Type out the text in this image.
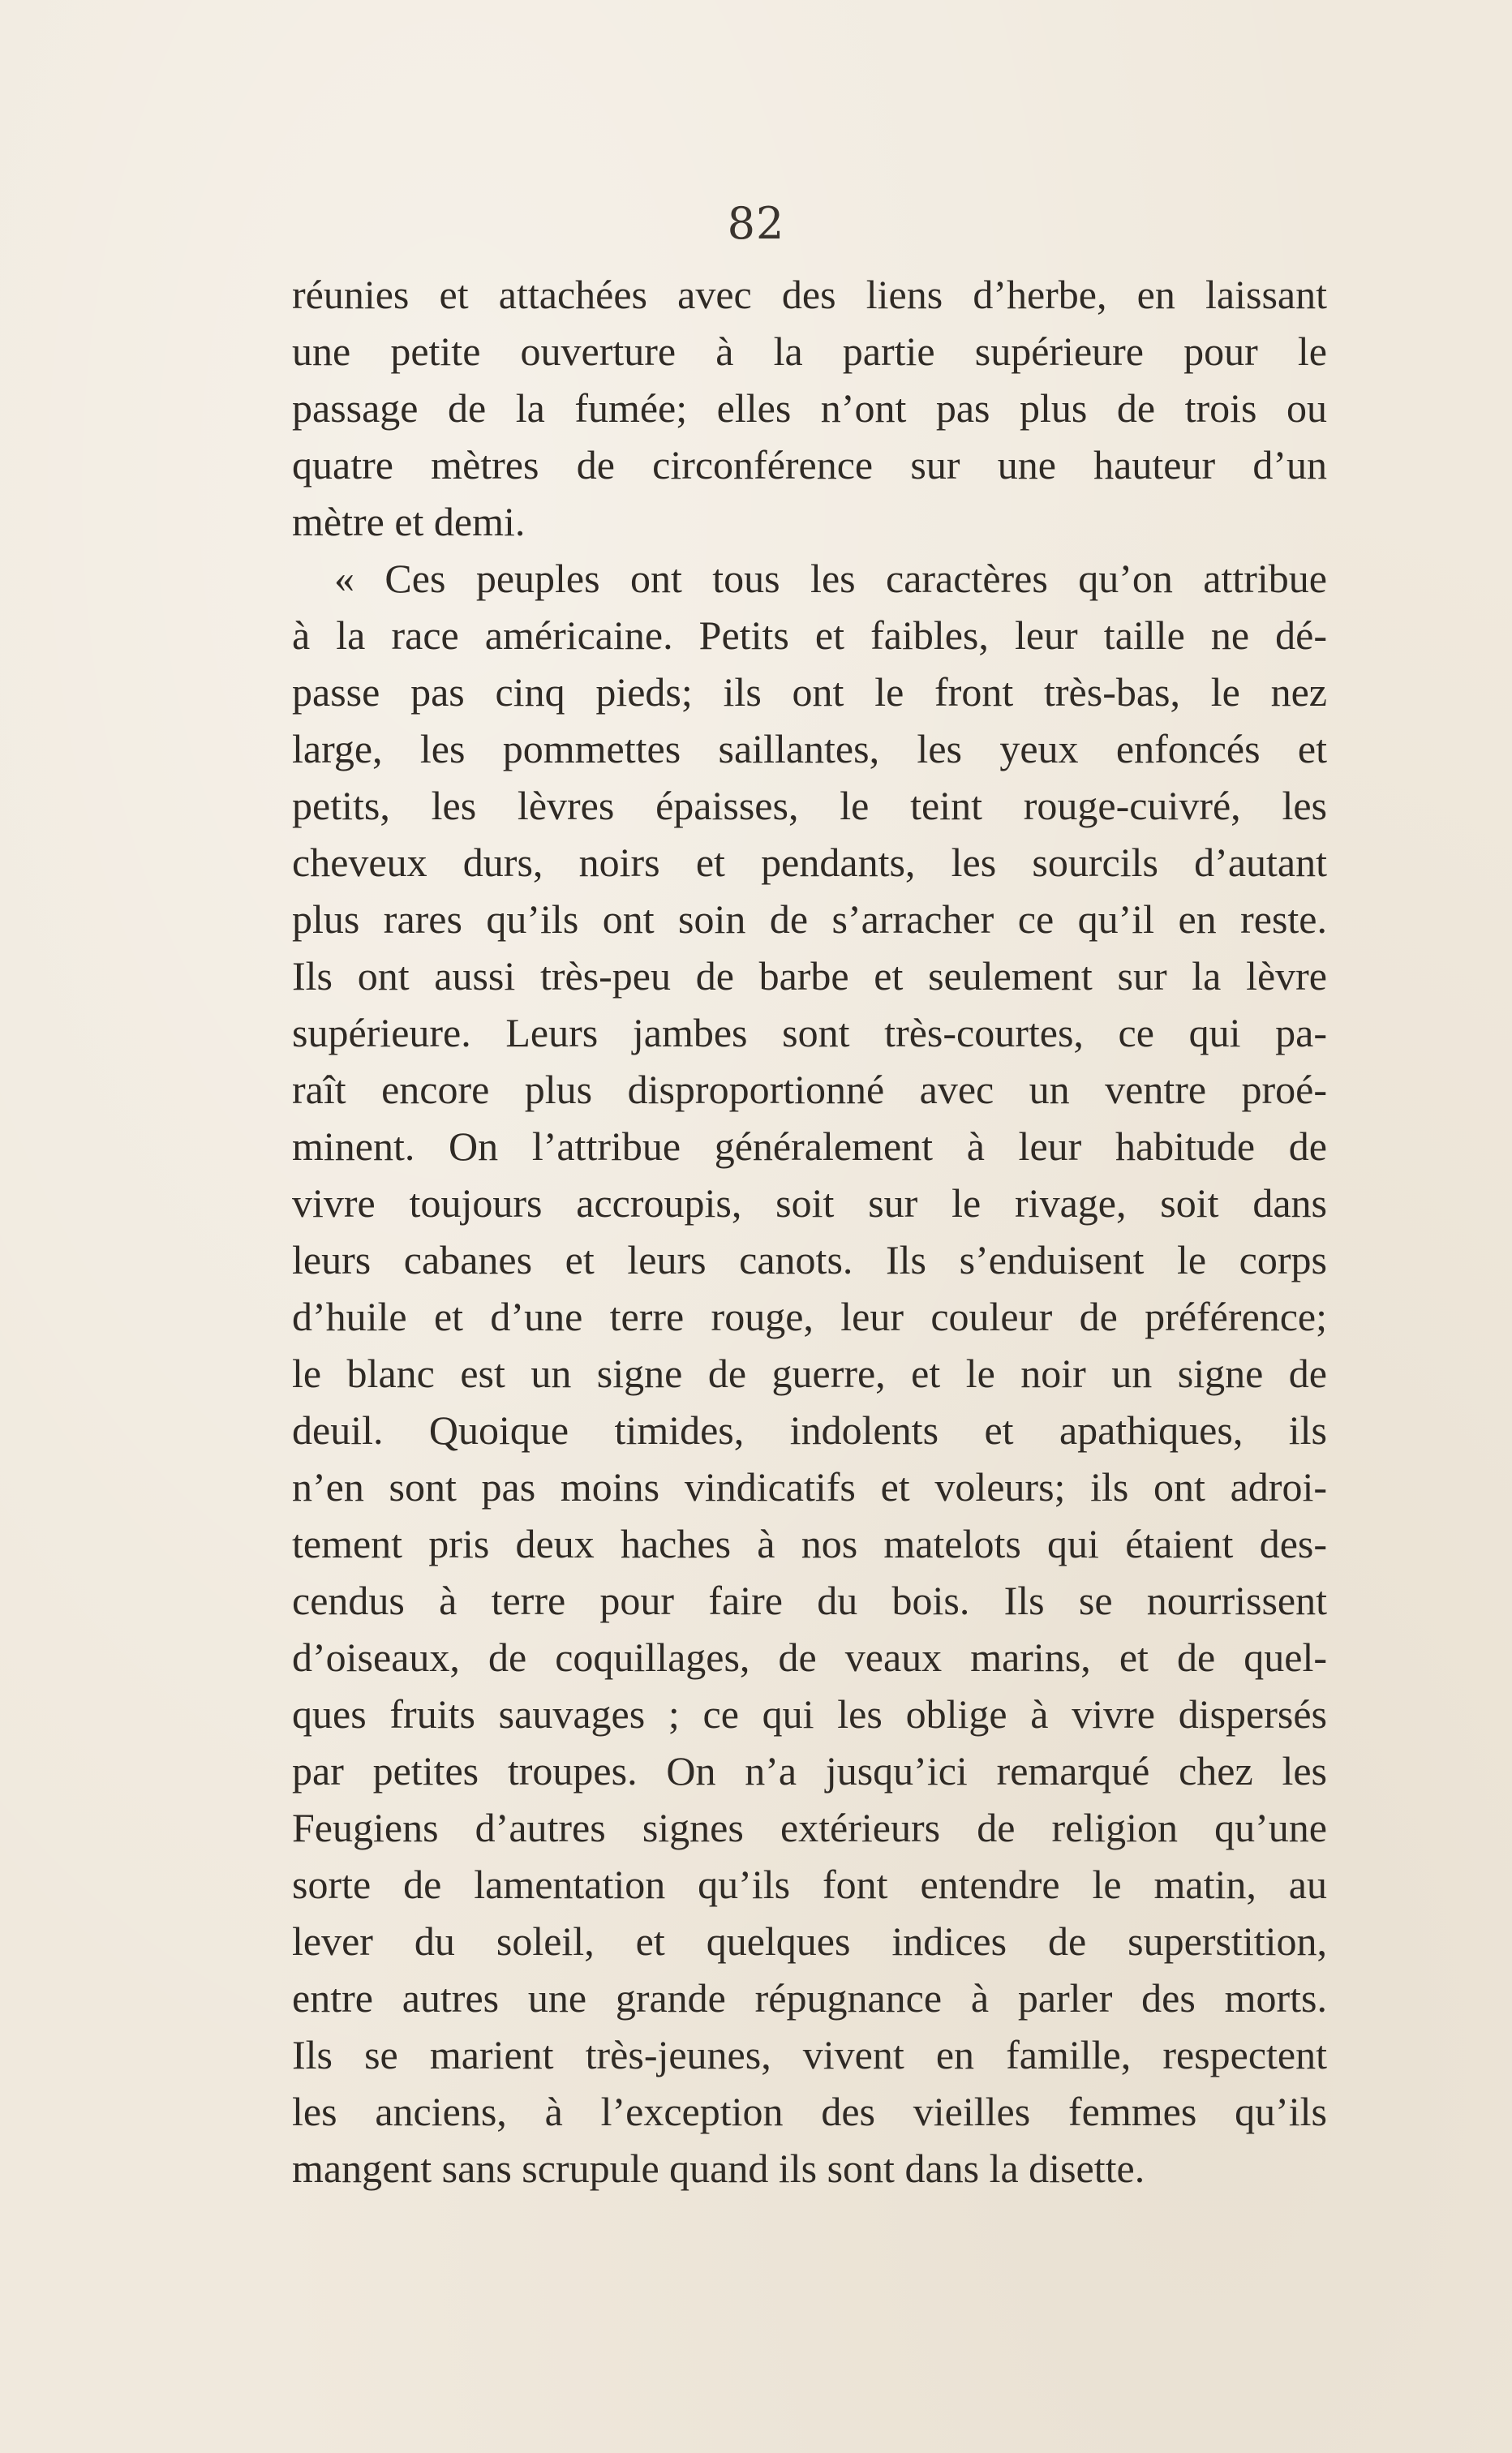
82
réunies et attachées avec des liens d’herbe, en laissant
une petite ouverture à la partie supérieure pour le
passage de la fumée; elles n’ont pas plus de trois ou
quatre mètres de circonférence sur une hauteur d’un
mètre et demi.
« Ces peuples ont tous les caractères qu’on attribue
à la race américaine. Petits et faibles, leur taille ne dé-
passe pas cinq pieds; ils ont le front très-bas, le nez
large, les pommettes saillantes, les yeux enfoncés et
petits, les lèvres épaisses, le teint rouge-cuivré, les
cheveux durs, noirs et pendants, les sourcils d’autant
plus rares qu’ils ont soin de s’arracher ce qu’il en reste.
Ils ont aussi très-peu de barbe et seulement sur la lèvre
supérieure. Leurs jambes sont très-courtes, ce qui pa-
raît encore plus disproportionné avec un ventre proé-
minent. On l’attribue généralement à leur habitude de
vivre toujours accroupis, soit sur le rivage, soit dans
leurs cabanes et leurs canots. Ils s’enduisent le corps
d’huile et d’une terre rouge, leur couleur de préférence;
le blanc est un signe de guerre, et le noir un signe de
deuil. Quoique timides, indolents et apathiques, ils
n’en sont pas moins vindicatifs et voleurs; ils ont adroi-
tement pris deux haches à nos matelots qui étaient des-
cendus à terre pour faire du bois. Ils se nourrissent
d’oiseaux, de coquillages, de veaux marins, et de quel-
ques fruits sauvages ; ce qui les oblige à vivre dispersés
par petites troupes. On n’a jusqu’ici remarqué chez les
Feugiens d’autres signes extérieurs de religion qu’une
sorte de lamentation qu’ils font entendre le matin, au
lever du soleil, et quelques indices de superstition,
entre autres une grande répugnance à parler des morts.
Ils se marient très-jeunes, vivent en famille, respectent
les anciens, à l’exception des vieilles femmes qu’ils
mangent sans scrupule quand ils sont dans la disette.
